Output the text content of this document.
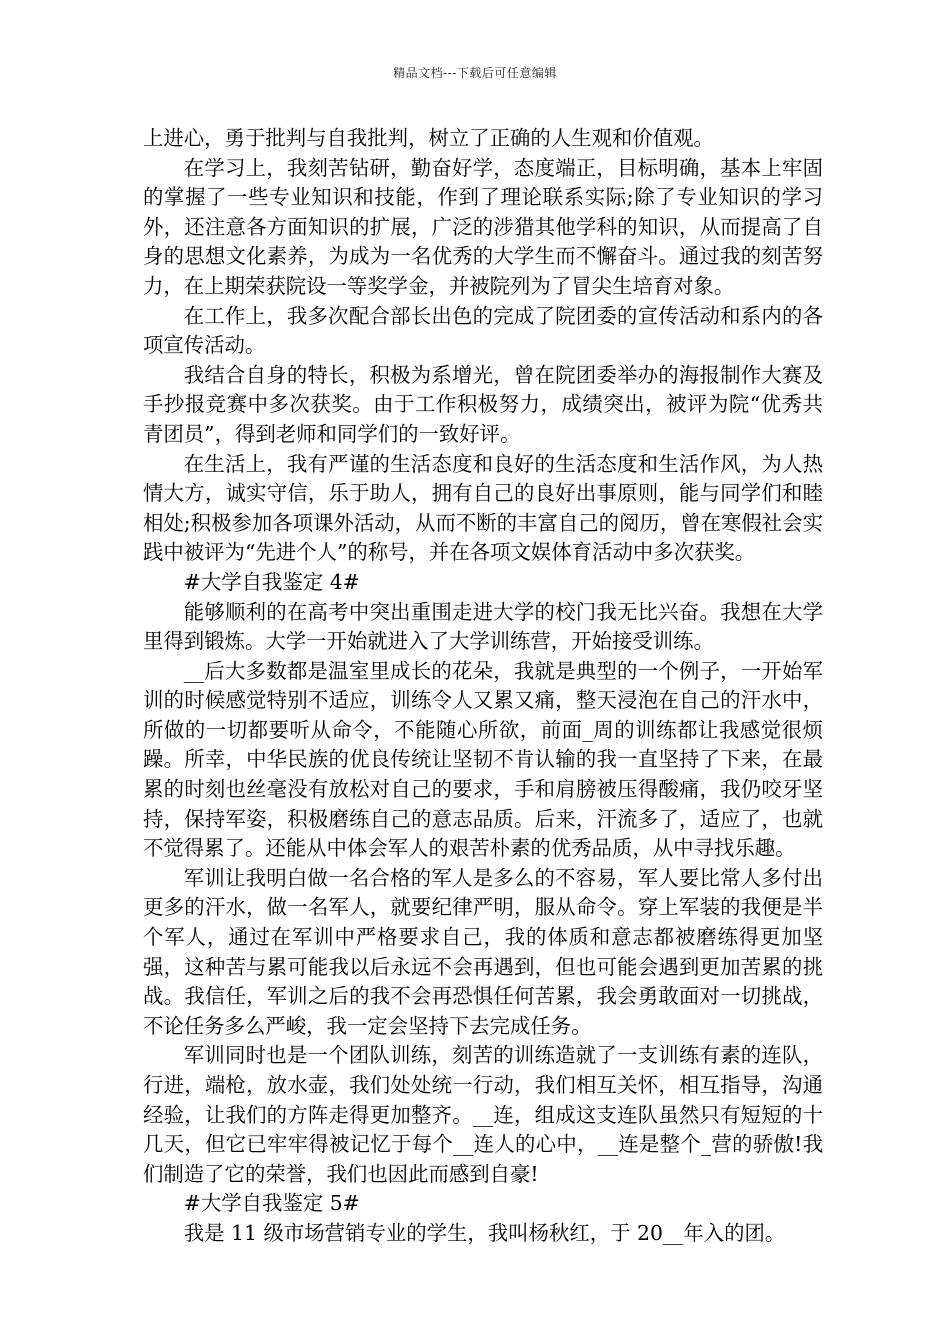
精品文档---下载后可任意编辑

上进心，勇于批判与自我批判，树立了正确的人生观和价值观。

在学习上，我刻苦钻研，勤奋好学，态度端正，目标明确，基本上牢固的掌握了一些专业知识和技能，作到了理论联系实际;除了专业知识的学习外，还注意各方面知识的扩展，广泛的涉猎其他学科的知识，从而提高了自身的思想文化素养，为成为一名优秀的大学生而不懈奋斗。通过我的刻苦努力，在上期荣获院设一等奖学金，并被院列为了冒尖生培育对象。

在工作上，我多次配合部长出色的完成了院团委的宣传活动和系内的各项宣传活动。

我结合自身的特长，积极为系增光，曾在院团委举办的海报制作大赛及手抄报竞赛中多次获奖。由于工作积极努力，成绩突出，被评为院“优秀共青团员”，得到老师和同学们的一致好评。

在生活上，我有严谨的生活态度和良好的生活态度和生活作风，为人热情大方，诚实守信，乐于助人，拥有自己的良好出事原则，能与同学们和睦相处;积极参加各项课外活动，从而不断的丰富自己的阅历，曾在寒假社会实践中被评为“先进个人”的称号，并在各项文娱体育活动中多次获奖。

#大学自我鉴定 4#

能够顺利的在高考中突出重围走进大学的校门我无比兴奋。我想在大学里得到锻炼。大学一开始就进入了大学训练营，开始接受训练。

__后大多数都是温室里成长的花朵，我就是典型的一个例子，一开始军训的时候感觉特别不适应，训练令人又累又痛，整天浸泡在自己的汗水中，所做的一切都要听从命令，不能随心所欲，前面_周的训练都让我感觉很烦躁。所幸，中华民族的优良传统让坚韧不肯认输的我一直坚持了下来，在最累的时刻也丝毫没有放松对自己的要求，手和肩膀被压得酸痛，我仍咬牙坚持，保持军姿，积极磨练自己的意志品质。后来，汗流多了，适应了，也就不觉得累了。还能从中体会军人的艰苦朴素的优秀品质，从中寻找乐趣。

军训让我明白做一名合格的军人是多么的不容易，军人要比常人多付出更多的汗水，做一名军人，就要纪律严明，服从命令。穿上军装的我便是半个军人，通过在军训中严格要求自己，我的体质和意志都被磨练得更加坚强，这种苦与累可能我以后永远不会再遇到，但也可能会遇到更加苦累的挑战。我信任，军训之后的我不会再恐惧任何苦累，我会勇敢面对一切挑战，不论任务多么严峻，我一定会坚持下去完成任务。

军训同时也是一个团队训练，刻苦的训练造就了一支训练有素的连队，行进，端枪，放水壶，我们处处统一行动，我们相互关怀，相互指导，沟通经验，让我们的方阵走得更加整齐。__连，组成这支连队虽然只有短短的十几天，但它已牢牢得被记忆于每个__连人的心中，__连是整个_营的骄傲!我们制造了它的荣誉，我们也因此而感到自豪!

#大学自我鉴定 5#

我是 11 级市场营销专业的学生，我叫杨秋红，于 20__年入的团。
